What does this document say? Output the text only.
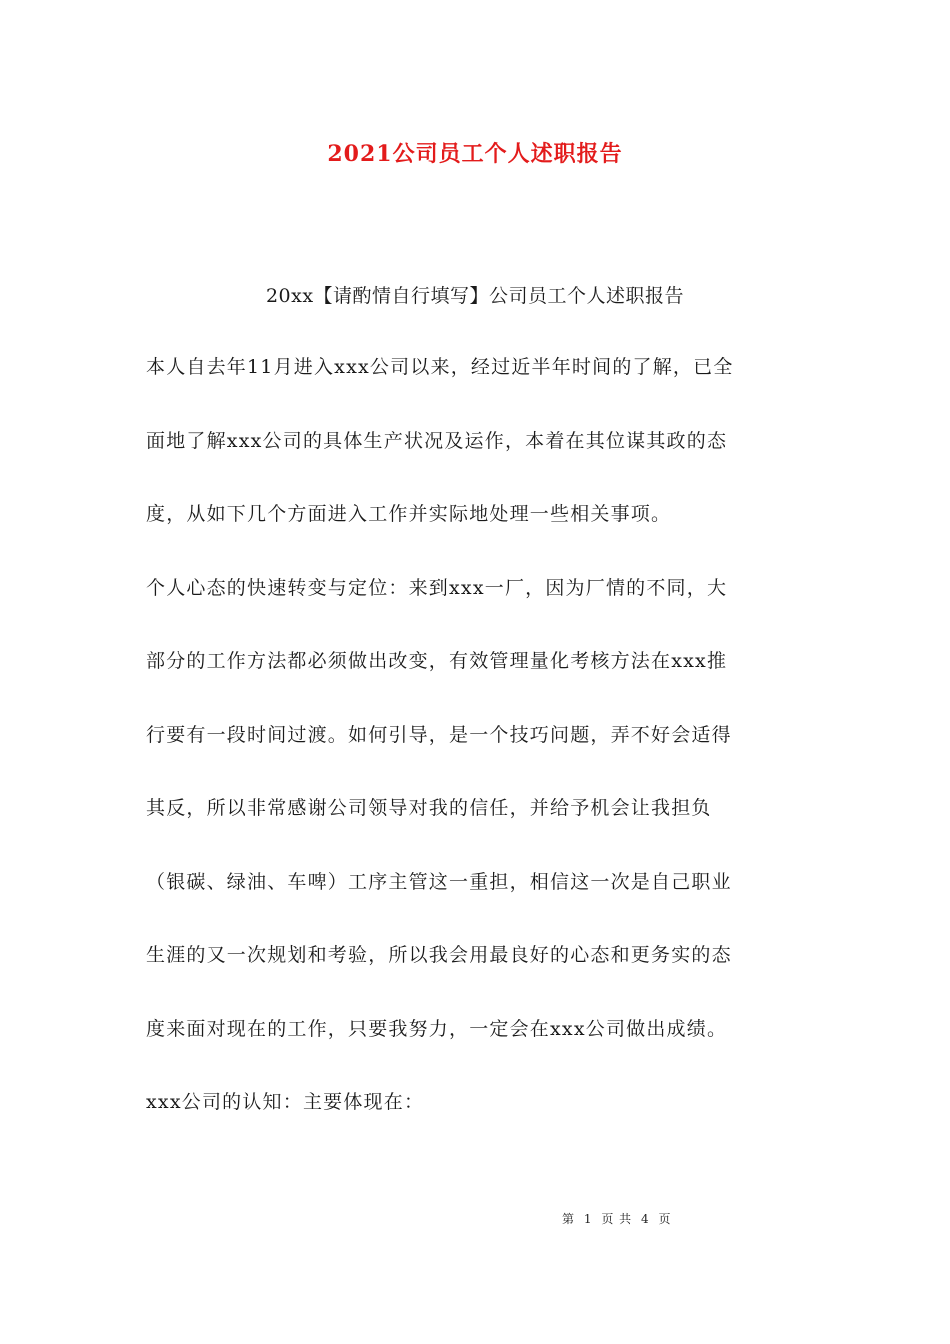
2021公司员工个人述职报告
20xx【请酌情自行填写】公司员工个人述职报告
本人自去年11月进入xxx公司以来，经过近半年时间的了解，已全
面地了解xxx公司的具体生产状况及运作，本着在其位谋其政的态
度，从如下几个方面进入工作并实际地处理一些相关事项。
个人心态的快速转变与定位：来到xxx一厂，因为厂情的不同，大
部分的工作方法都必须做出改变，有效管理量化考核方法在xxx推
行要有一段时间过渡。如何引导，是一个技巧问题，弄不好会适得
其反，所以非常感谢公司领导对我的信任，并给予机会让我担负
（银碳、绿油、车啤）工序主管这一重担，相信这一次是自己职业
生涯的又一次规划和考验，所以我会用最良好的心态和更务实的态
度来面对现在的工作，只要我努力，一定会在xxx公司做出成绩。
xxx公司的认知：主要体现在：
第 1 页 共 4 页
